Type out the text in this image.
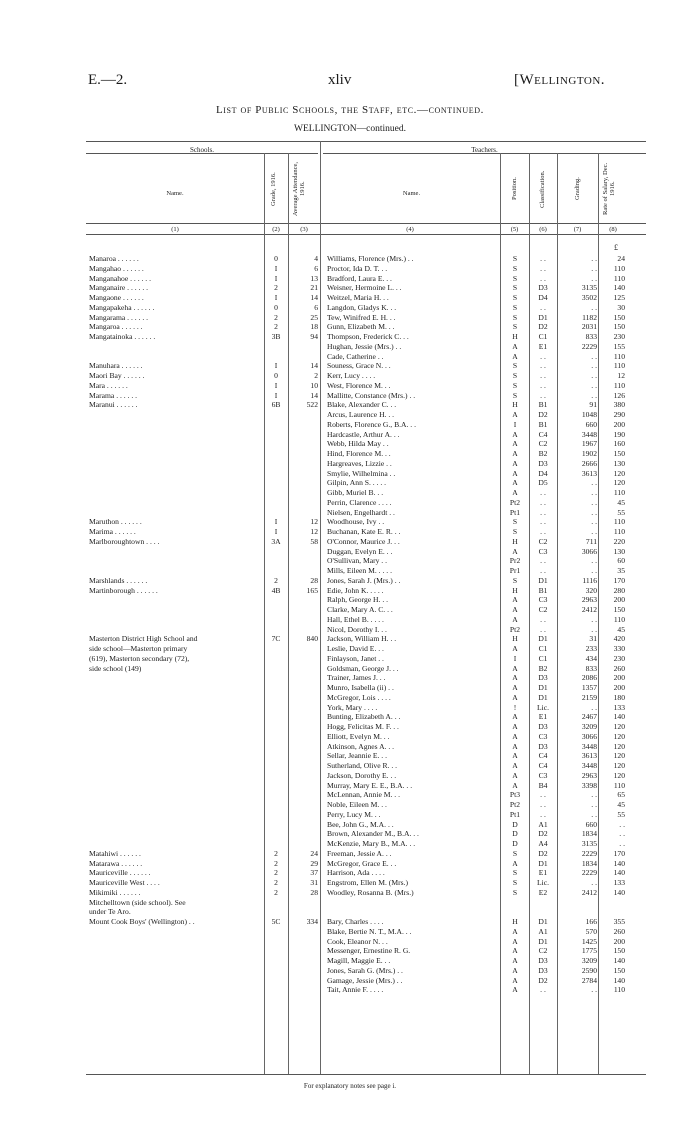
E.—2.	xliv	[Wellington.
List of Public Schools, the Staff, etc.—continued.
WELLINGTON—continued.
Schools.	Teachers.
Name.	Grade, 1916. Average Attendance, 1916.	Name.	Position.	Classification.	Grading.	Rate of Salary, Dec. 1916.
(1)	(2)	(3)	(4)	(5)	(6)	(7)	(8)
£
Manaroa . . . . . .	0	4 Williams, Florence (Mrs.) . .	S	. .	. .	24
Mangahao . . . . . .	I	6 Proctor, Ida D. T. . .	S	. .	. .	110
Manganahoe . . . . . .	I	13 Bradford, Laura E. . .	S	. .	. .	110
Manganaire . . . . . .	2	21 Weisner, Hermoine L. . .	S	D3	3135	140
Mangaone . . . . . .	I	14 Weitzel, Maria H. . .	S	D4	3502	125
Mangapakeha . . . . . .	0	6 Langdon, Gladys K. . .	S	. .	. .	30
Mangarama . . . . . .	2	25 Tew, Winifred E. H. . .	S	D1	1182	150
Mangaroa . . . . . .	2	18 Gunn, Elizabeth M. . .	S	D2	2031	150
Mangatainoka . . . . . .	3B	94 Thompson, Frederick C. . .	H	C1	833	230
Hughan, Jessie (Mrs.) . .	A	E1	2229	155
Cade, Catherine . .	A	. .	. .	110
Manuhara . . . . . .	I	14 Souness, Grace N. . .	S	. .	. .	110
Maori Bay . . . . . .	0	2 Kerr, Lucy . . . .	S	. .	. .	12
Mara . . . . . .	I	10 West, Florence M. . .	S	. .	. .	110
Marama . . . . . .	I	14 Mallitte, Constance (Mrs.) . .	S	. .	. .	126
Maranui . . . . . .	6B	522 Blake, Alexander C. . .	H	B1	91	380
Arcus, Laurence H. . .	A	D2	1048	290
Roberts, Florence G., B.A. . .	I	B1	660	200
Hardcastle, Arthur A. . .	A	C4	3448	190
Webb, Hilda May . .	A	C2	1967	160
Hind, Florence M. . .	A	B2	1902	150
Hargreaves, Lizzie . .	A	D3	2666	130
Smylie, Wilhelmina . .	A	D4	3613	120
Gilpin, Ann S. . . . .	A	D5	. .	120
Gibb, Muriel B. . .	A	. .	. .	110
Perrin, Clarence . . . .	Pt2	. .	. .	45
Nielsen, Engelhardt . .	Pt1	. .	. .	55
Maruthon . . . . . .	I	12 Woodhouse, Ivy . .	S	. .	. .	110
Marima . . . . . .	I	12 Buchanan, Kate E. R. . .	S	. .	. .	110
Marlboroughtown . . . .	3A	58 O'Connor, Maurice J. . .	H	C2	711	220
Duggan, Evelyn E. . .	A	C3	3066	130
O'Sullivan, Mary . .	Pr2	. .	. .	60
Mills, Eileen M. . . . .	Pr1	. .	. .	35
Marshlands . . . . . .	2	28 Jones, Sarah J. (Mrs.) . .	S	D1	1116	170
Martinborough . . . . . .	4B	165 Edie, John K. . . . .	H	B1	320	280
Ralph, George H. . .	A	C3	2963	200
Clarke, Mary A. C. . .	A	C2	2412	150
Hall, Ethel B. . . . .	A	. .	. .	110
Nicol, Dorothy I. . .	Pt2	. .	. .	45
Masterton District High School and	7C	840 Jackson, William H. . .	H	D1	31	420
side school—Masterton primary	Leslie, David E. . .	A	C1	233	330
(619), Masterton secondary (72),	Finlayson, Janet . .	I	C1	434	230
side school (149)	Goldsman, George J. . .	A	B2	833	260
Trainer, James J. . .	A	D3	2086	200
Munro, Isabella (ii) . .	A	D1	1357	200
McGregor, Lois . . . .	A	D1	2159	180
York, Mary . . . .	!	Lic.	. .	133
Bunting, Elizabeth A. . .	A	E1	2467	140
Hogg, Felicitas M. F. . .	A	D3	3209	120
Elliott, Evelyn M. . .	A	C3	3066	120
Atkinson, Agnes A. . .	A	D3	3448	120
Sellar, Jeannie E. . .	A	C4	3613	120
Sutherland, Olive R. . .	A	C4	3448	120
Jackson, Dorothy E. . .	A	C3	2963	120
Murray, Mary E. E., B.A. . .	A	B4	3398	110
McLennan, Annie M. . .	Pt3	. .	. .	65
Noble, Eileen M. . .	Pt2	. .	. .	45
Perry, Lucy M. . .	Pt1	. .	. .	55
Bee, John G., M.A. . .	D	A1	660	. .
Brown, Alexander M., B.A. . .	D	D2	1834	. .
McKenzie, Mary B., M.A. . .	D	A4	3135	. .
Matahiwi . . . . . .	2	24 Freeman, Jessie A. . .	S	D2	2229	170
Matarawa . . . . . .	2	29 McGregor, Grace E. . .	A	D1	1834	140
Mauriceville . . . . . .	2	37 Harrison, Ada . . . .	S	E1	2229	140
Mauriceville West . . . .	2	31 Engstrom, Ellen M. (Mrs.)	S	Lic.	. .	133
Mikimiki . . . . . .	2	28 Woodley, Rosanna B. (Mrs.)	S	E2	2412	140
Mitchelltown (side school). See
under Te Aro.
Mount Cook Boys' (Wellington) . .	5C	334 Bary, Charles . . . .	H	D1	166	355
Blake, Bertie N. T., M.A. . .	A	A1	570	260
Cook, Eleanor N. . .	A	D1	1425	200
Messenger, Ernestine R. G.	A	C2	1775	150
Magill, Maggie E. . .	A	D3	3209	140
Jones, Sarah G. (Mrs.) . .	A	D3	2590	150
Gamage, Jessie (Mrs.) . .	A	D2	2784	140
Tait, Annie F. . . . .	A	. .	. .	110
For explanatory notes see page i.
